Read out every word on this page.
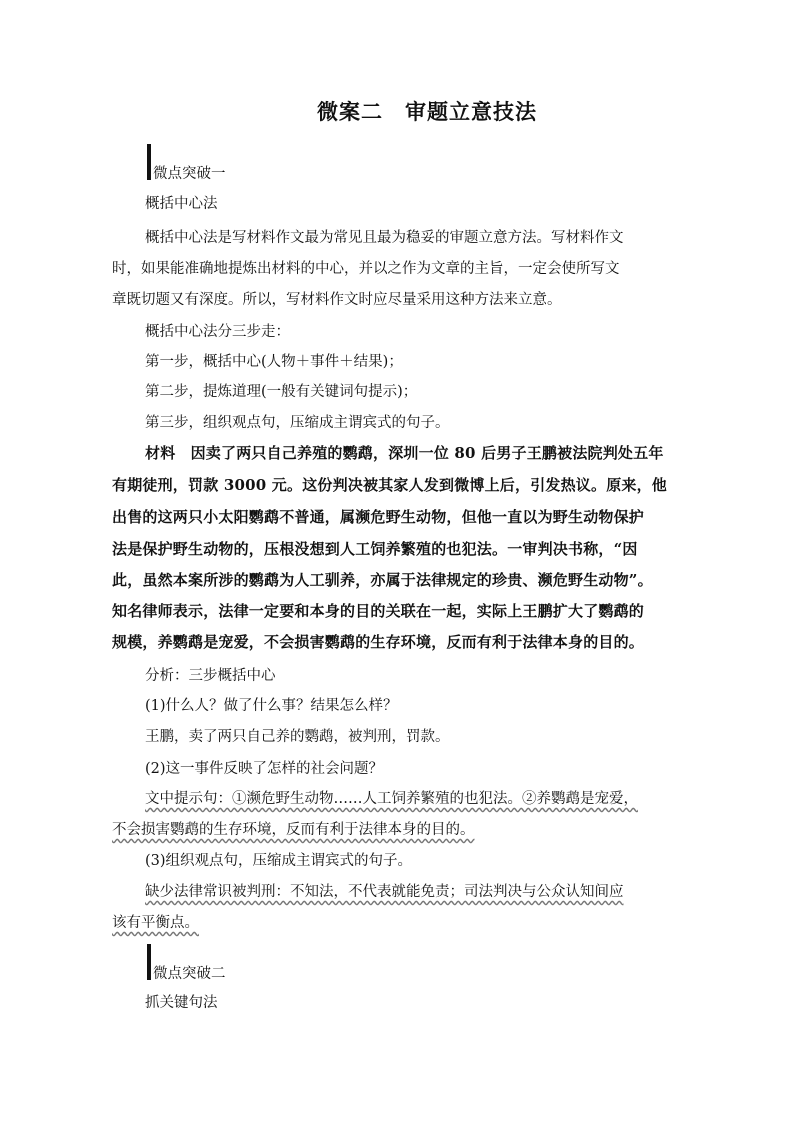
微案二　审题立意技法
微点突破一
概括中心法
概括中心法是写材料作文最为常见且最为稳妥的审题立意方法。写材料作文
时，如果能准确地提炼出材料的中心，并以之作为文章的主旨，一定会使所写文
章既切题又有深度。所以，写材料作文时应尽量采用这种方法来立意。
概括中心法分三步走：
第一步，概括中心(人物＋事件＋结果)；
第二步，提炼道理(一般有关键词句提示)；
第三步，组织观点句，压缩成主谓宾式的句子。
材料　因卖了两只自己养殖的鹦鹉，深圳一位 80 后男子王鹏被法院判处五年
有期徒刑，罚款 3000 元。这份判决被其家人发到微博上后，引发热议。原来，他
出售的这两只小太阳鹦鹉不普通，属濒危野生动物，但他一直以为野生动物保护
法是保护野生动物的，压根没想到人工饲养繁殖的也犯法。一审判决书称，“因
此，虽然本案所涉的鹦鹉为人工驯养，亦属于法律规定的珍贵、濒危野生动物”。
知名律师表示，法律一定要和本身的目的关联在一起，实际上王鹏扩大了鹦鹉的
规模，养鹦鹉是宠爱，不会损害鹦鹉的生存环境，反而有利于法律本身的目的。
分析：三步概括中心
(1)什么人？做了什么事？结果怎么样？
王鹏，卖了两只自己养的鹦鹉，被判刑，罚款。
(2)这一事件反映了怎样的社会问题？
文中提示句：①濒危野生动物……人工饲养繁殖的也犯法。②养鹦鹉是宠爱，
不会损害鹦鹉的生存环境，反而有利于法律本身的目的。
(3)组织观点句，压缩成主谓宾式的句子。
缺少法律常识被判刑：不知法，不代表就能免责；司法判决与公众认知间应
该有平衡点。
微点突破二
抓关键句法
